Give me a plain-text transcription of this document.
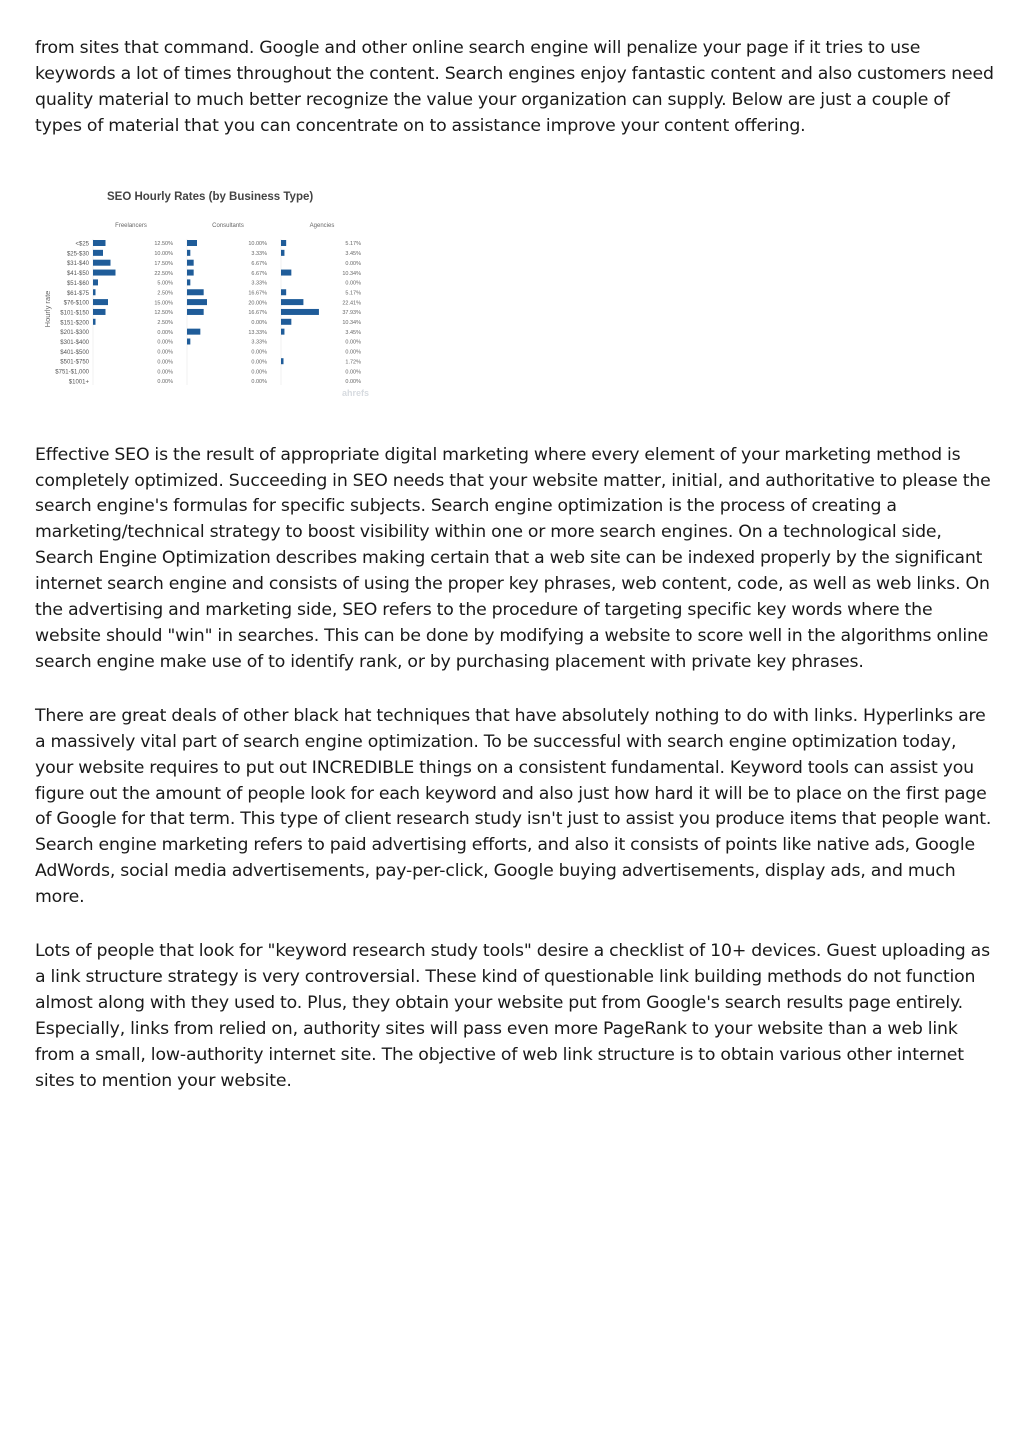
from sites that command. Google and other online search engine will penalize your page if it tries to use keywords a lot of times throughout the content. Search engines enjoy fantastic content and also customers need quality material to much better recognize the value your organization can supply. Below are just a couple of types of material that you can concentrate on to assistance improve your content offering.

SEO Hourly Rates (by Business Type)
Hourly rate
<$25
$25-$30
$31-$40
$41-$50
$51-$60
$61-$75
$76-$100
$101-$150
$151-$200
$201-$300
$301-$400
$401-$500
$501-$750
$751-$1,000
$1001+
Freelancers
12.50%
10.00%
17.50%
22.50%
5.00%
2.50%
15.00%
12.50%
2.50%
0.00%
0.00%
0.00%
0.00%
0.00%
0.00%
Consultants
10.00%
3.33%
6.67%
6.67%
3.33%
16.67%
20.00%
16.67%
0.00%
13.33%
3.33%
0.00%
0.00%
0.00%
0.00%
Agencies
5.17%
3.45%
0.00%
10.34%
0.00%
5.17%
22.41%
37.93%
10.34%
3.45%
0.00%
0.00%
1.72%
0.00%
0.00%
ahrefs

Effective SEO is the result of appropriate digital marketing where every element of your marketing method is completely optimized. Succeeding in SEO needs that your website matter, initial, and authoritative to please the search engine's formulas for specific subjects. Search engine optimization is the process of creating a marketing/technical strategy to boost visibility within one or more search engines. On a technological side, Search Engine Optimization describes making certain that a web site can be indexed properly by the significant internet search engine and consists of using the proper key phrases, web content, code, as well as web links. On the advertising and marketing side, SEO refers to the procedure of targeting specific key words where the website should "win" in searches. This can be done by modifying a website to score well in the algorithms online search engine make use of to identify rank, or by purchasing placement with private key phrases.

There are great deals of other black hat techniques that have absolutely nothing to do with links. Hyperlinks are a massively vital part of search engine optimization. To be successful with search engine optimization today, your website requires to put out INCREDIBLE things on a consistent fundamental. Keyword tools can assist you figure out the amount of people look for each keyword and also just how hard it will be to place on the first page of Google for that term. This type of client research study isn't just to assist you produce items that people want. Search engine marketing refers to paid advertising efforts, and also it consists of points like native ads, Google AdWords, social media advertisements, pay-per-click, Google buying advertisements, display ads, and much more.

Lots of people that look for "keyword research study tools" desire a checklist of 10+ devices. Guest uploading as a link structure strategy is very controversial. These kind of questionable link building methods do not function almost along with they used to. Plus, they obtain your website put from Google's search results page entirely. Especially, links from relied on, authority sites will pass even more PageRank to your website than a web link from a small, low-authority internet site. The objective of web link structure is to obtain various other internet sites to mention your website.
